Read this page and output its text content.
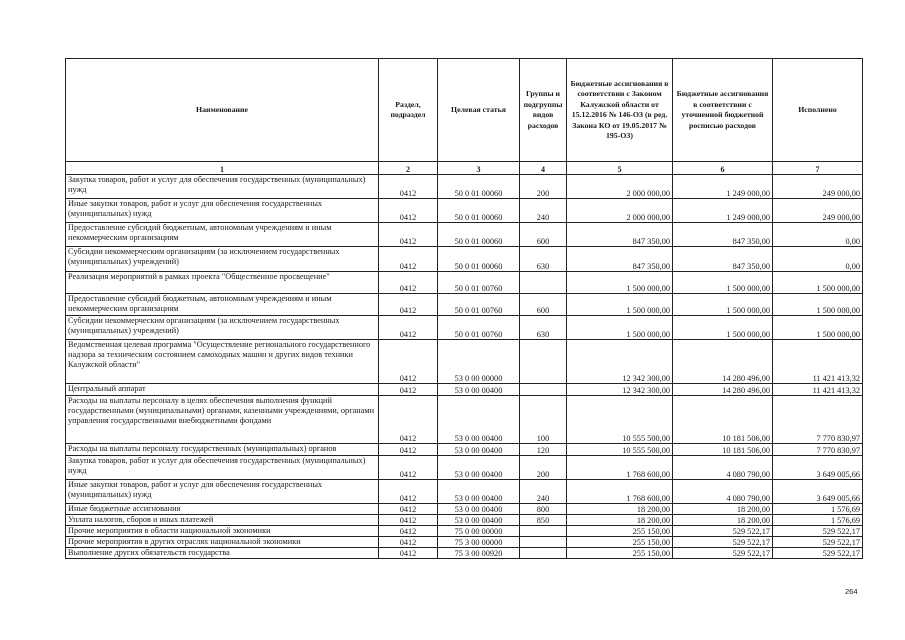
Наименование	Раздел, подраздел	Целевая статья	Группы и подгруппы видов расходов	Бюджетные ассигнования в соответствии с Законом Калужской области от 15.12.2016 № 146-ОЗ (в ред. Закона КО от 19.05.2017 № 195-ОЗ)	Бюджетные ассигнования в соответствии с уточненной бюджетной росписью расходов	Исполнено
1	2	3	4	5	6	7
Закупка товаров, работ и услуг для обеспечения государственных (муниципальных) нужд	0412	50 0 01 00060	200	2 000 000,00	1 249 000,00	249 000,00
Иные закупки товаров, работ и услуг для обеспечения государственных (муниципальных) нужд	0412	50 0 01 00060	240	2 000 000,00	1 249 000,00	249 000,00
Предоставление субсидий бюджетным, автономным учреждениям и иным некоммерческим организациям	0412	50 0 01 00060	600	847 350,00	847 350,00	0,00
Субсидии некоммерческим организациям (за исключением государственных (муниципальных) учреждений)	0412	50 0 01 00060	630	847 350,00	847 350,00	0,00
Реализация мероприятий в рамках проекта "Общественное просвещение"	0412	50 0 01 00760		1 500 000,00	1 500 000,00	1 500 000,00
Предоставление субсидий бюджетным, автономным учреждениям и иным некоммерческим организациям	0412	50 0 01 00760	600	1 500 000,00	1 500 000,00	1 500 000,00
Субсидии некоммерческим организациям (за исключением государственных (муниципальных) учреждений)	0412	50 0 01 00760	630	1 500 000,00	1 500 000,00	1 500 000,00
Ведомственная целевая программа "Осуществление регионального государственного надзора за техническим состоянием самоходных машин и других видов техники Калужской области"	0412	53 0 00 00000		12 342 300,00	14 280 496,00	11 421 413,32
Центральный аппарат	0412	53 0 00 00400		12 342 300,00	14 280 496,00	11 421 413,32
Расходы на выплаты персоналу в целях обеспечения выполнения функций государственными (муниципальными) органами, казенными учреждениями, органами управления государственными внебюджетными фондами	0412	53 0 00 00400	100	10 555 500,00	10 181 506,00	7 770 830,97
Расходы на выплаты персоналу государственных (муниципальных) органов	0412	53 0 00 00400	120	10 555 500,00	10 181 506,00	7 770 830,97
Закупка товаров, работ и услуг для обеспечения государственных (муниципальных) нужд	0412	53 0 00 00400	200	1 768 600,00	4 080 790,00	3 649 005,66
Иные закупки товаров, работ и услуг для обеспечения государственных (муниципальных) нужд	0412	53 0 00 00400	240	1 768 600,00	4 080 790,00	3 649 005,66
Иные бюджетные ассигнования	0412	53 0 00 00400	800	18 200,00	18 200,00	1 576,69
Уплата налогов, сборов и иных платежей	0412	53 0 00 00400	850	18 200,00	18 200,00	1 576,69
Прочие мероприятия в области национальной экономики	0412	75 0 00 00000		255 150,00	529 522,17	529 522,17
Прочие мероприятия в других отраслях национальной экономики	0412	75 3 00 00000		255 150,00	529 522,17	529 522,17
Выполнение других обязательств государства	0412	75 3 00 00920		255 150,00	529 522,17	529 522,17
264
